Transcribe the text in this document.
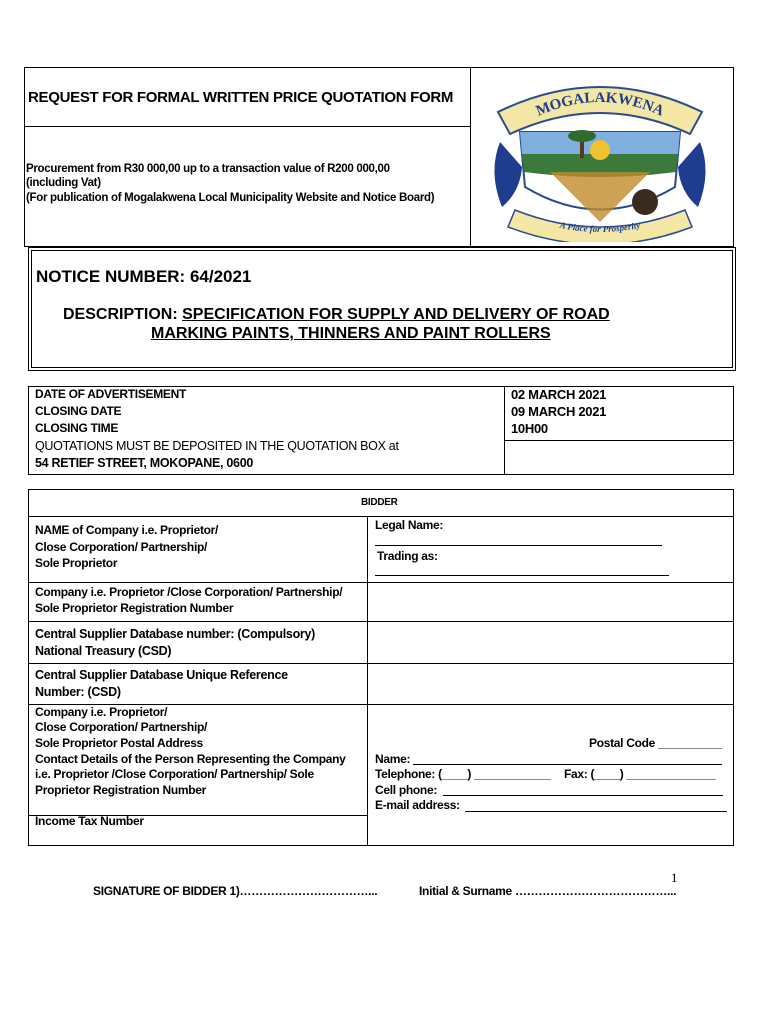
REQUEST FOR FORMAL WRITTEN PRICE QUOTATION FORM
Procurement from R30 000,00 up to a transaction value of R200 000,00
(including Vat)
(For publication of Mogalakwena Local Municipality Website and Notice Board)
MOGALAKWENA
A Place for Prosperity
NOTICE NUMBER: 64/2021
DESCRIPTION: SPECIFICATION FOR SUPPLY AND DELIVERY OF ROAD
MARKING PAINTS, THINNERS AND PAINT ROLLERS
DATE OF ADVERTISEMENT
CLOSING DATE
CLOSING TIME
QUOTATIONS MUST BE DEPOSITED IN THE QUOTATION BOX at
54 RETIEF STREET, MOKOPANE, 0600
02 MARCH 2021
09 MARCH 2021
10H00
BIDDER
NAME of Company i.e. Proprietor/
Close Corporation/ Partnership/
Sole Proprietor
Legal Name:
Trading as:
Company i.e. Proprietor /Close Corporation/ Partnership/
Sole Proprietor Registration Number
Central Supplier Database number: (Compulsory)
National Treasury (CSD)
Central Supplier Database Unique Reference
Number: (CSD)
Company i.e. Proprietor/
Close Corporation/ Partnership/
Sole Proprietor Postal Address	Postal Code __________
Contact Details of the Person Representing the Company
i.e. Proprietor /Close Corporation/ Partnership/ Sole
Proprietor Registration Number
Name:
Telephone: (____) ____________ Fax: (____) ______________
Cell phone:
E-mail address:
Income Tax Number
1
SIGNATURE OF BIDDER 1)……………………………...	Initial & Surname …………………………………...
